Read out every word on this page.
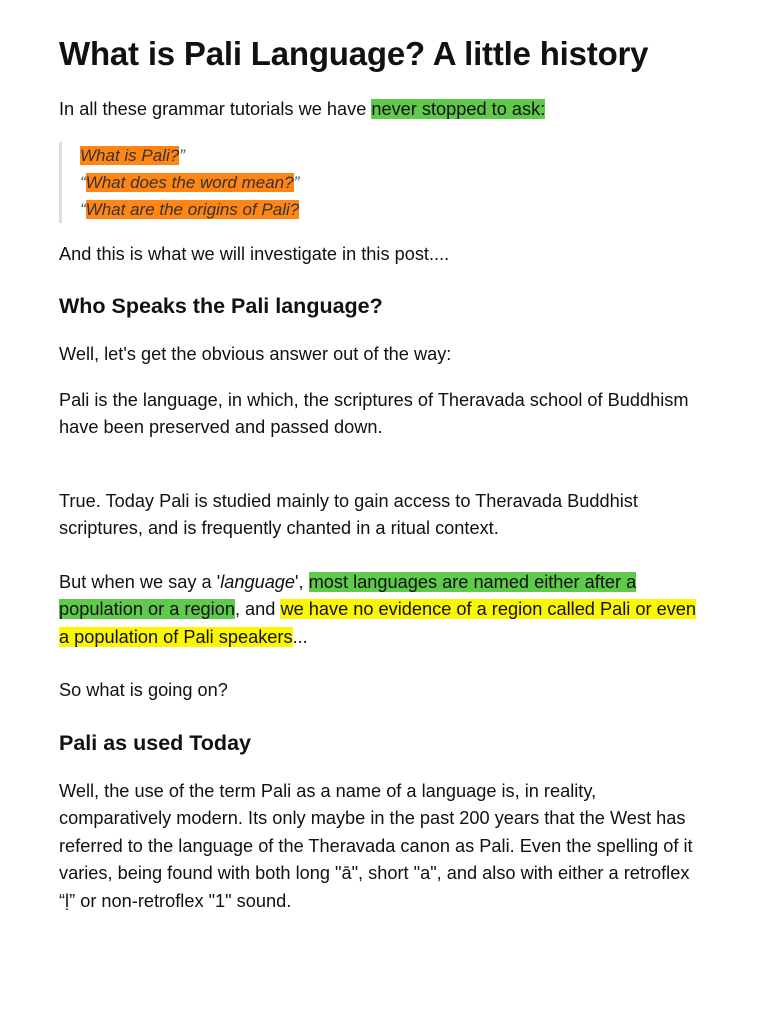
What is Pali Language? A little history

In all these grammar tutorials we have never stopped to ask:

What is Pali?”
“What does the word mean?”
“What are the origins of Pali?

And this is what we will investigate in this post....

Who Speaks the Pali language?

Well, let's get the obvious answer out of the way:

Pali is the language, in which, the scriptures of Theravada school of Buddhism have been preserved and passed down.

True. Today Pali is studied mainly to gain access to Theravada Buddhist scriptures, and is frequently chanted in a ritual context.

But when we say a 'language', most languages are named either after a population or a region, and we have no evidence of a region called Pali or even a population of Pali speakers...

So what is going on?

Pali as used Today

Well, the use of the term Pali as a name of a language is, in reality, comparatively modern. Its only maybe in the past 200 years that the West has referred to the language of the Theravada canon as Pali. Even the spelling of it varies, being found with both long "ā", short "a", and also with either a retroflex “ḷ” or non-retroflex "1" sound.
